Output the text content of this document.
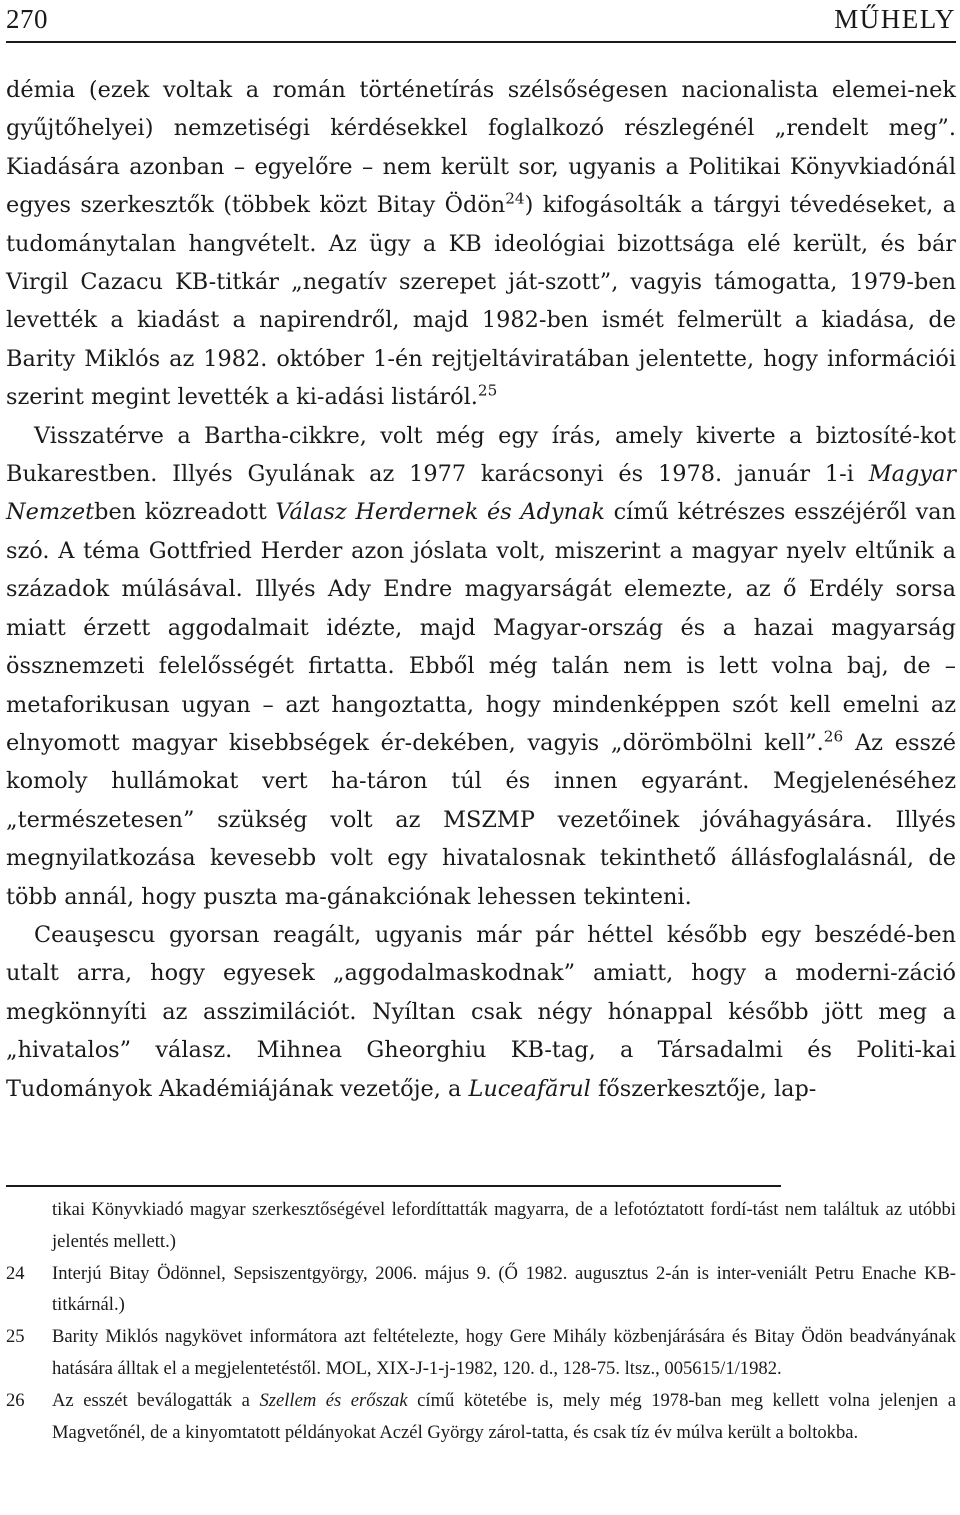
270	MŰHELY

démia (ezek voltak a román történetírás szélsőségesen nacionalista elemei-nek gyűjtőhelyei) nemzetiségi kérdésekkel foglalkozó részlegénél „rendelt meg”. Kiadására azonban – egyelőre – nem került sor, ugyanis a Politikai Könyvkiadónál egyes szerkesztők (többek közt Bitay Ödön$^{24}$) kifogásolták a tárgyi tévedéseket, a tudománytalan hangvételt. Az ügy a KB ideológiai bizottsága elé került, és bár Virgil Cazacu KB-titkár „negatív szerepet ját-szott”, vagyis támogatta, 1979-ben levették a kiadást a napirendről, majd 1982-ben ismét felmerült a kiadása, de Barity Miklós az 1982. október 1-én rejtjeltáviratában jelentette, hogy információi szerint megint levették a ki-adási listáról.$^{25}$

Visszatérve a Bartha-cikkre, volt még egy írás, amely kiverte a biztosíté-kot Bukarestben. Illyés Gyulának az 1977 karácsonyi és 1978. január 1-i Magyar Nemzetben közreadott Válasz Herdernek és Adynak című kétrészes esszéjéről van szó. A téma Gottfried Herder azon jóslata volt, miszerint a magyar nyelv eltűnik a századok múlásával. Illyés Ady Endre magyarságát elemezte, az ő Erdély sorsa miatt érzett aggodalmait idézte, majd Magyar-ország és a hazai magyarság össznemzeti felelősségét firtatta. Ebből még talán nem is lett volna baj, de – metaforikusan ugyan – azt hangoztatta, hogy mindenképpen szót kell emelni az elnyomott magyar kisebbségek ér-dekében, vagyis „dörömbölni kell”.$^{26}$ Az esszé komoly hullámokat vert ha-táron túl és innen egyaránt. Megjelenéséhez „természetesen” szükség volt az MSZMP vezetőinek jóváhagyására. Illyés megnyilatkozása kevesebb volt egy hivatalosnak tekinthető állásfoglalásnál, de több annál, hogy puszta ma-gánakciónak lehessen tekinteni.

Ceauşescu gyorsan reagált, ugyanis már pár héttel később egy beszédé-ben utalt arra, hogy egyesek „aggodalmaskodnak” amiatt, hogy a moderni-záció megkönnyíti az asszimilációt. Nyíltan csak négy hónappal később jött meg a „hivatalos” válasz. Mihnea Gheorghiu KB-tag, a Társadalmi és Politi-kai Tudományok Akadémiájának vezetője, a Luceafărul főszerkesztője, lap-

tikai Könyvkiadó magyar szerkesztőségével lefordíttatták magyarra, de a lefotóztatott fordí-tást nem találtuk az utóbbi jelentés mellett.)
24 Interjú Bitay Ödönnel, Sepsiszentgyörgy, 2006. május 9. (Ő 1982. augusztus 2-án is inter-veniált Petru Enache KB-titkárnál.)
25 Barity Miklós nagykövet informátora azt feltételezte, hogy Gere Mihály közbenjárására és Bitay Ödön beadványának hatására álltak el a megjelentetéstől. MOL, XIX-J-1-j-1982, 120. d., 128-75. ltsz., 005615/1/1982.
26 Az esszét beválogatták a Szellem és erőszak című kötetébe is, mely még 1978-ban meg kellett volna jelenjen a Magvetőnél, de a kinyomtatott példányokat Aczél György zárol-tatta, és csak tíz év múlva került a boltokba.
